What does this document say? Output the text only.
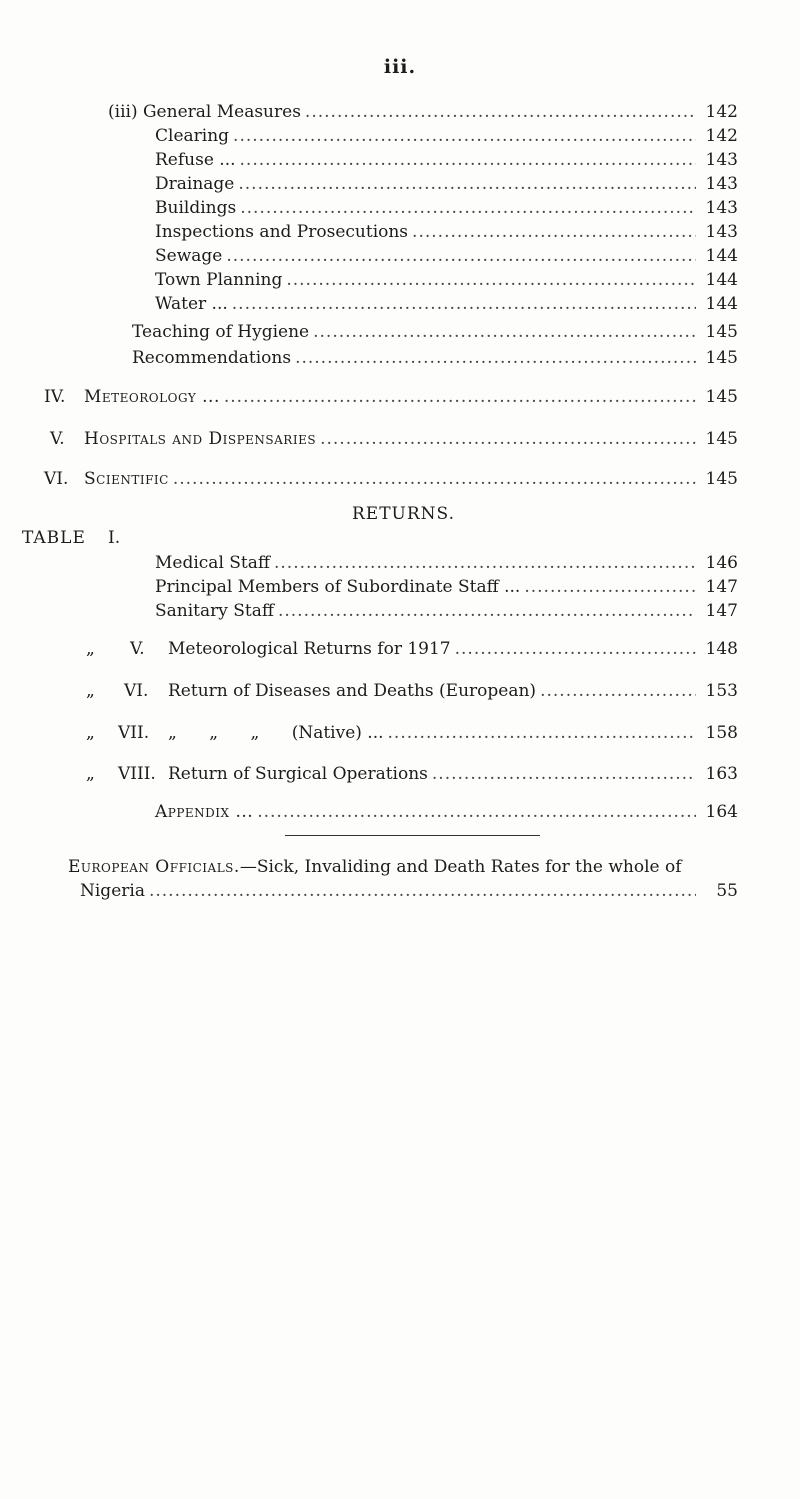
iii.
(iii) General Measures .....	142
Clearing .....	142
Refuse ... .....	143
Drainage .....	143
Buildings .....	143
Inspections and Prosecutions .....	143
Sewage .....	144
Town Planning .....	144
Water ... .....	144
Teaching of Hygiene .....	145
Recommendations .....	145
IV. Meteorology ... .....	145
V. Hospitals and Dispensaries .....	145
VI. Scientific .....	145
RETURNS.
TABLE I.
Medical Staff .....	146
Principal Members of Subordinate Staff ... .....	147
Sanitary Staff .....	147
„ V. Meteorological Returns for 1917 .....	148
„ VI. Return of Diseases and Deaths (European) .....	153
„ VII. „      „      „      (Native) ... .....	158
„ VIII. Return of Surgical Operations .....	163
Appendix ... .....	164
European Officials.—Sick, Invaliding and Death Rates for the whole of
Nigeria .....	55
